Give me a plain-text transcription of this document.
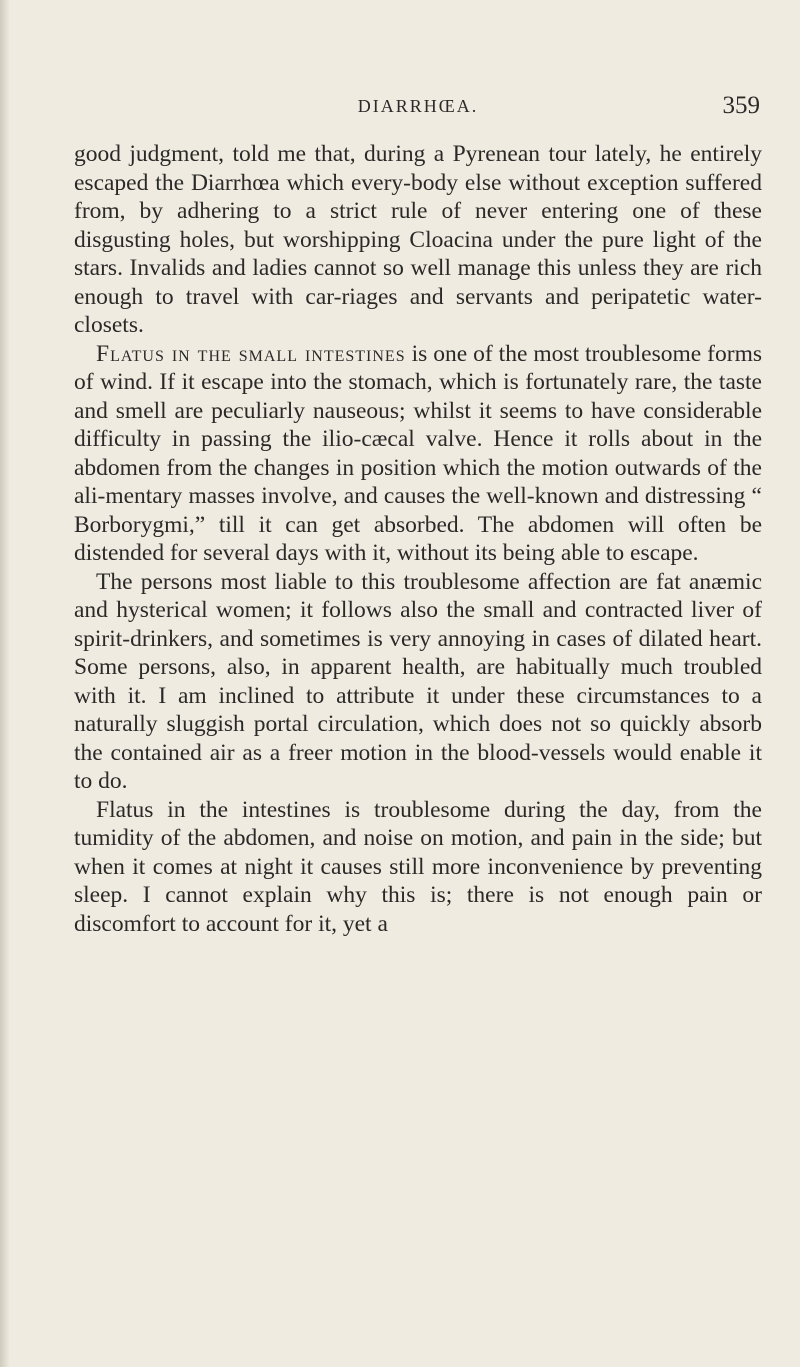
DIARRHŒA.	359

good judgment, told me that, during a Pyrenean tour lately, he entirely escaped the Diarrhœa which every-body else without exception suffered from, by adhering to a strict rule of never entering one of these disgusting holes, but worshipping Cloacina under the pure light of the stars. Invalids and ladies cannot so well manage this unless they are rich enough to travel with car-riages and servants and peripatetic water-closets.

Flatus in the small intestines is one of the most troublesome forms of wind. If it escape into the stomach, which is fortunately rare, the taste and smell are peculiarly nauseous; whilst it seems to have considerable difficulty in passing the ilio-cæcal valve. Hence it rolls about in the abdomen from the changes in position which the motion outwards of the ali-mentary masses involve, and causes the well-known and distressing “ Borborygmi,” till it can get absorbed. The abdomen will often be distended for several days with it, without its being able to escape.

The persons most liable to this troublesome affection are fat anæmic and hysterical women; it follows also the small and contracted liver of spirit-drinkers, and sometimes is very annoying in cases of dilated heart. Some persons, also, in apparent health, are habitually much troubled with it. I am inclined to attribute it under these circumstances to a naturally sluggish portal circulation, which does not so quickly absorb the contained air as a freer motion in the blood-vessels would enable it to do.

Flatus in the intestines is troublesome during the day, from the tumidity of the abdomen, and noise on motion, and pain in the side; but when it comes at night it causes still more inconvenience by preventing sleep. I cannot explain why this is; there is not enough pain or discomfort to account for it, yet a
